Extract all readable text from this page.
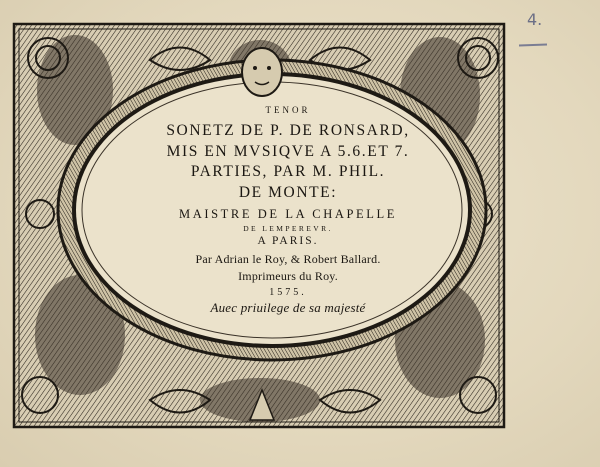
TENOR
SONETZ DE P. DE RONSARD,
MIS EN MVSIQVE A 5.6.ET 7.
PARTIES, PAR M. PHIL.
DE MONTE:
MAISTRE DE LA CHAPELLE
DE LEMPEREVR.
A PARIS.
Par Adrian le Roy, & Robert Ballard.
Imprimeurs du Roy.
1575.
Auec priuilege de sa majesté
4.
